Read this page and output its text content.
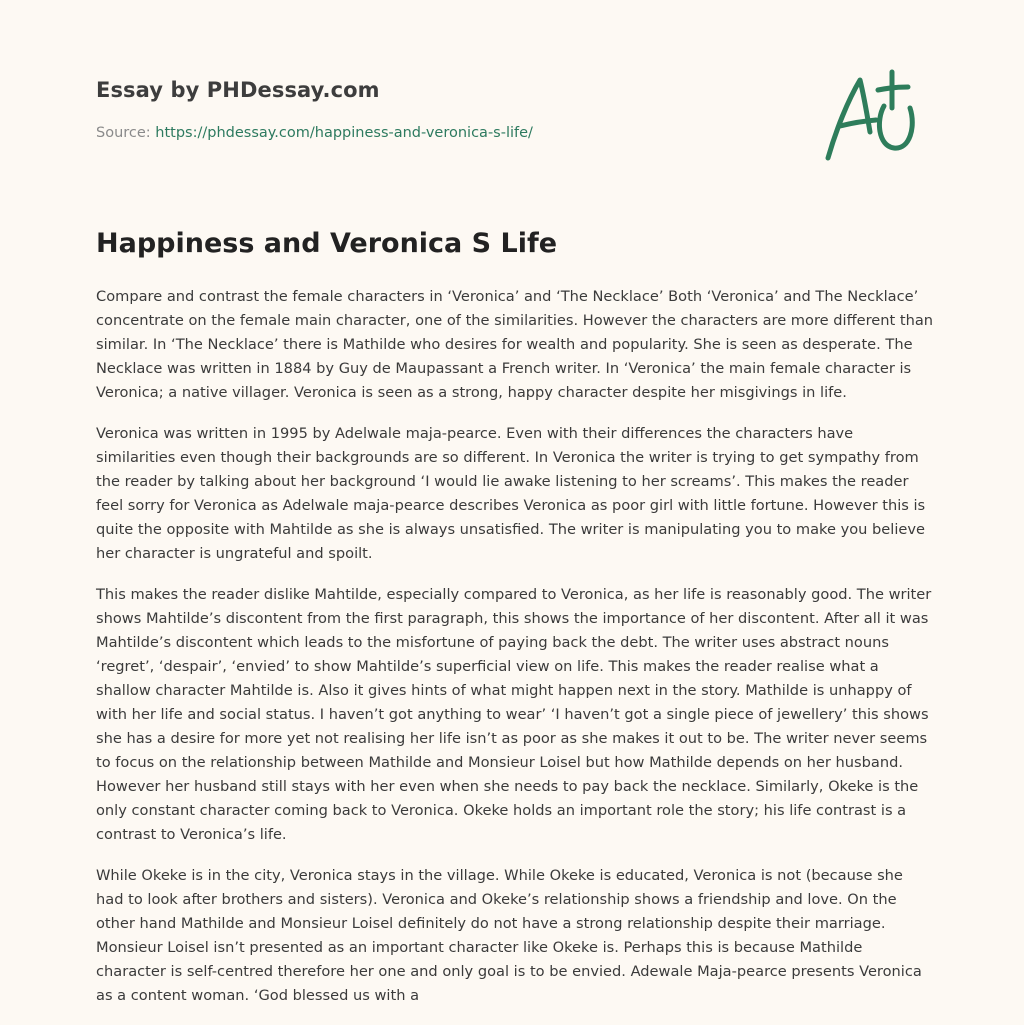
Essay by PHDessay.com
Source: https://phdessay.com/happiness-and-veronica-s-life/
Happiness and Veronica S Life

Compare and contrast the female characters in ‘Veronica’ and ‘The Necklace’ Both ‘Veronica’ and The Necklace’ concentrate on the female main character, one of the similarities. However the characters are more different than similar. In ‘The Necklace’ there is Mathilde who desires for wealth and popularity. She is seen as desperate. The Necklace was written in 1884 by Guy de Maupassant a French writer. In ‘Veronica’ the main female character is Veronica; a native villager. Veronica is seen as a strong, happy character despite her misgivings in life.

Veronica was written in 1995 by Adelwale maja-pearce. Even with their differences the characters have similarities even though their backgrounds are so different. In Veronica the writer is trying to get sympathy from the reader by talking about her background ‘I would lie awake listening to her screams’. This makes the reader feel sorry for Veronica as Adelwale maja-pearce describes Veronica as poor girl with little fortune. However this is quite the opposite with Mahtilde as she is always unsatisfied. The writer is manipulating you to make you believe her character is ungrateful and spoilt.

This makes the reader dislike Mahtilde, especially compared to Veronica, as her life is reasonably good. The writer shows Mahtilde’s discontent from the first paragraph, this shows the importance of her discontent. After all it was Mahtilde’s discontent which leads to the misfortune of paying back the debt. The writer uses abstract nouns ‘regret’, ‘despair’, ‘envied’ to show Mahtilde’s superficial view on life. This makes the reader realise what a shallow character Mahtilde is. Also it gives hints of what might happen next in the story. Mathilde is unhappy of with her life and social status. I haven’t got anything to wear’ ‘I haven’t got a single piece of jewellery’ this shows she has a desire for more yet not realising her life isn’t as poor as she makes it out to be. The writer never seems to focus on the relationship between Mathilde and Monsieur Loisel but how Mathilde depends on her husband. However her husband still stays with her even when she needs to pay back the necklace. Similarly, Okeke is the only constant character coming back to Veronica. Okeke holds an important role the story; his life contrast is a contrast to Veronica’s life.

While Okeke is in the city, Veronica stays in the village. While Okeke is educated, Veronica is not (because she had to look after brothers and sisters). Veronica and Okeke’s relationship shows a friendship and love. On the other hand Mathilde and Monsieur Loisel definitely do not have a strong relationship despite their marriage. Monsieur Loisel isn’t presented as an important character like Okeke is. Perhaps this is because Mathilde character is self-centred therefore her one and only goal is to be envied. Adewale Maja-pearce presents Veronica as a content woman. ‘God blessed us with a
